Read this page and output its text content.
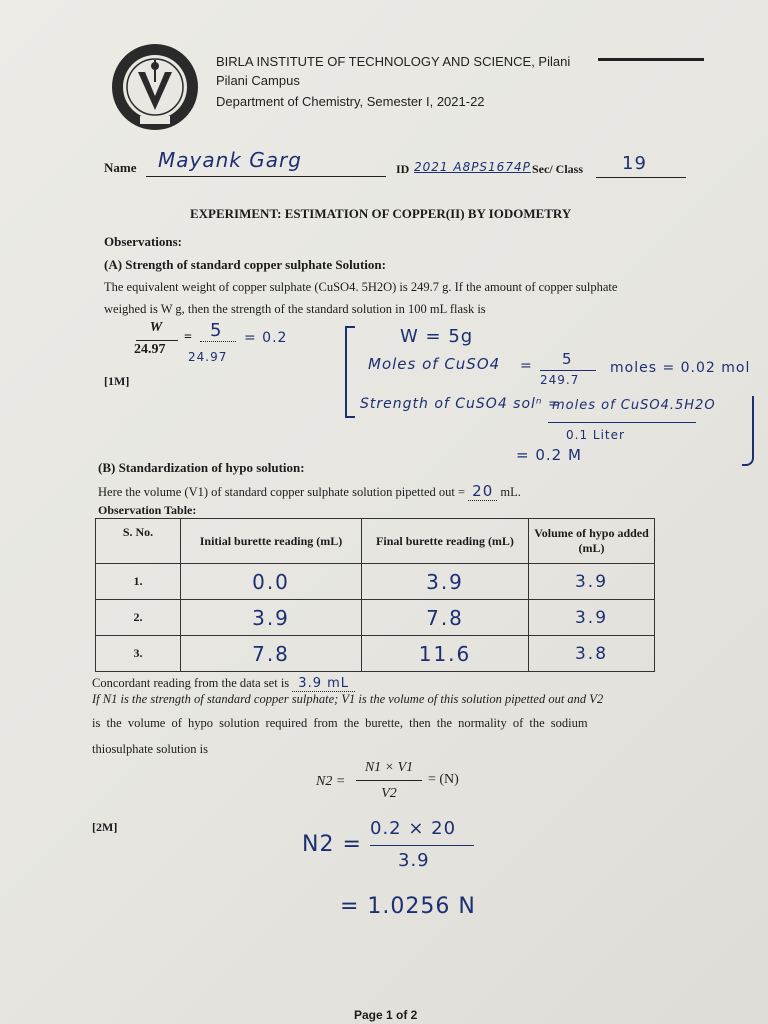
BIRLA INSTITUTE OF TECHNOLOGY AND SCIENCE, Pilani
Pilani Campus
Department of Chemistry, Semester I, 2021-22
Name Mayank Garg	ID 2021 A8PS1674P Sec/ Class 19
EXPERIMENT: ESTIMATION OF COPPER(II) BY IODOMETRY
Observations:
(A) Strength of standard copper sulphate Solution:
The equivalent weight of copper sulphate (CuSO4. 5H2O) is 249.7 g. If the amount of copper sulphate
weighed is W g, then the strength of the standard solution in 100 mL flask is
W
24.97
= 5
24.97
= 0.2
[1M]
W = 5g
Moles of CuSO4 = 5
249.7
moles = 0.02 mol
Strength of CuSO4 solⁿ =
moles of CuSO4.5H2O
0.1 Liter
= 0.2 M
(B) Standardization of hypo solution:
Here the volume (V1) of standard copper sulphate solution pipetted out = 20 mL.
Observation Table:
S. No.	Initial burette reading (mL)	Final burette reading (mL)	Volume of hypo added (mL)
1.	0.0	3.9	3.9
2.	3.9	7.8	3.9
3.	7.8	11.6	3.8
Concordant reading from the data set is 3.9 mL
If N1 is the strength of standard copper sulphate; V1 is the volume of this solution pipetted out and V2
is the volume of hypo solution required from the burette, then the normality of the sodium
thiosulphate solution is
N2 =
N1 × V1
V2
= (N)
[2M]
N2 =
0.2 × 20
3.9
= 1.0256 N
Page 1 of 2
